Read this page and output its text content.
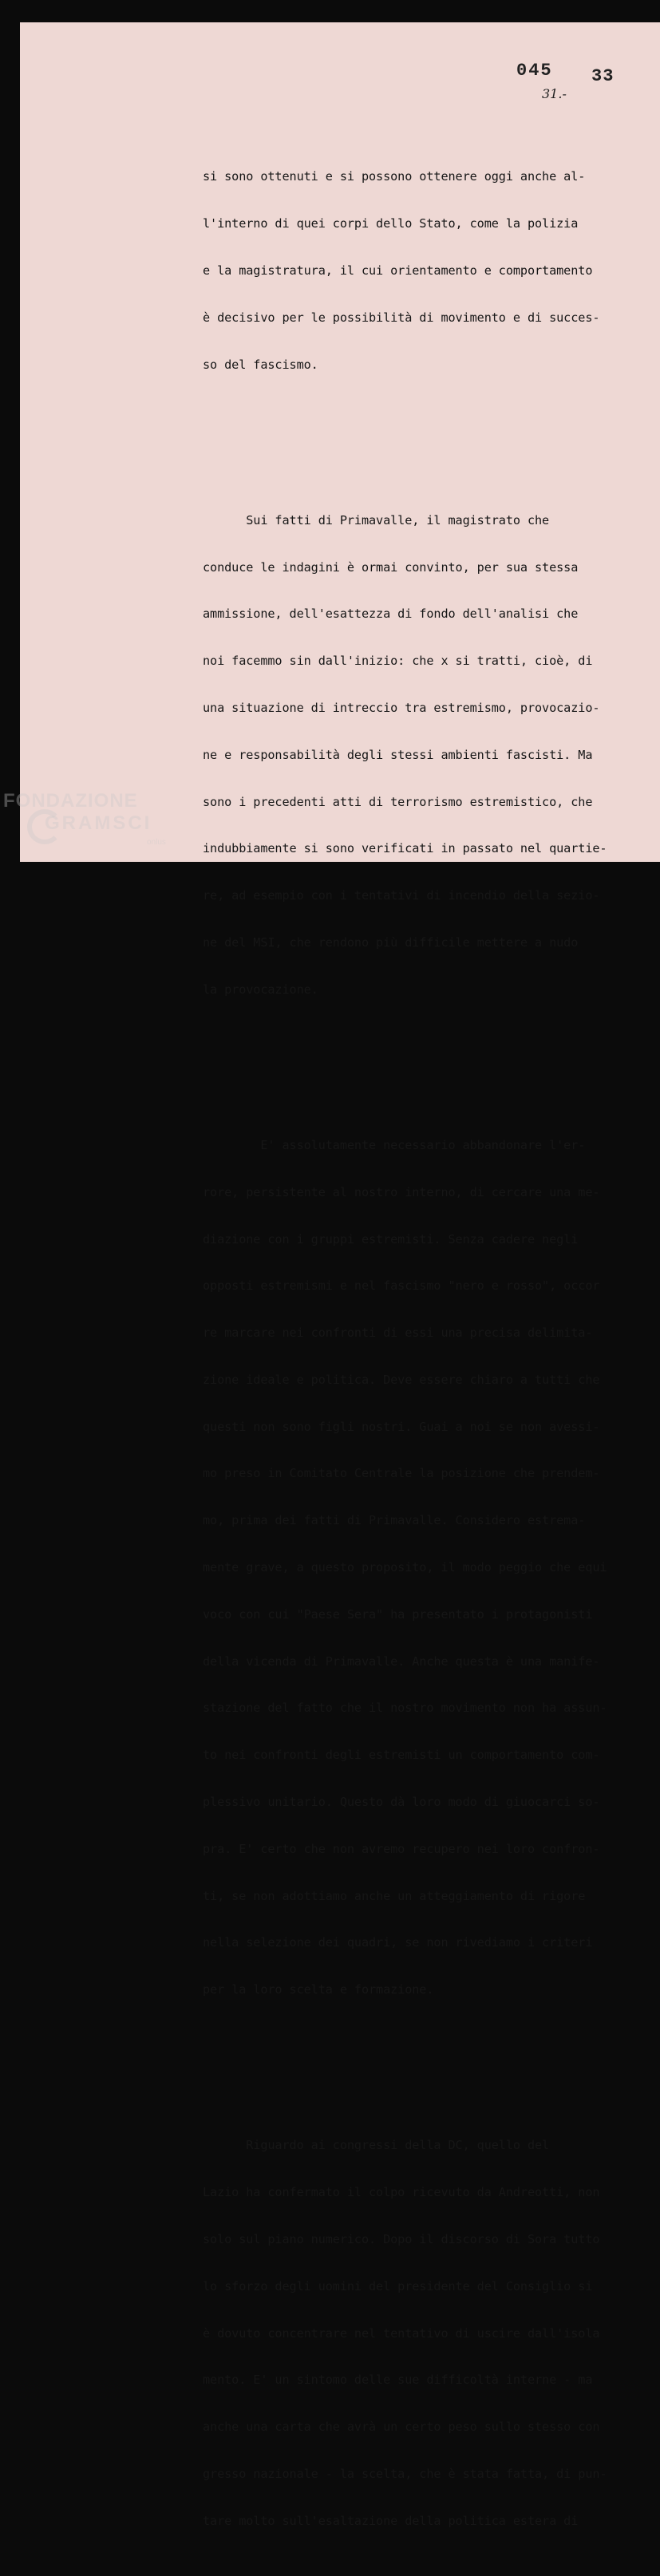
045 33
31.-

si sono ottenuti e si possono ottenere oggi anche al-

l'interno di quei corpi dello Stato, come la polizia

e la magistratura, il cui orientamento e comportamento

è decisivo per le possibilità di movimento e di succes-

so del fascismo.

Sui fatti di Primavalle, il magistrato che

conduce le indagini è ormai convinto, per sua stessa

ammissione, dell'esattezza di fondo dell'analisi che

noi facemmo sin dall'inizio: che x si tratti, cioè, di

una situazione di intreccio tra estremismo, provocazio-

ne e responsabilità degli stessi ambienti fascisti. Ma

sono i precedenti atti di terrorismo estremistico, che

indubbiamente si sono verificati in passato nel quartie-

re, ad esempio con i tentativi di incendio della sezio-

ne del MSI, che rendono più difficile mettere a nudo

la provocazione.

E' assolutamente necessario abbandonare l'er-

rore, persistente al nostro interno, di cercare una me-

diazione con i gruppi estremisti. Senza cadere negli

opposti estremismi e nel fascismo "nero e rosso", occor

re marcare nei confronti di essi una precisa delimita-

zione ideale e politica. Deve essere chiaro a tutti che

questi non sono figli nostri. Guai a noi se non avessi-

mo preso in Comitato Centrale la posizione che prendem-

mo, prima dei fatti di Primavalle. Considero estrema-

mente grave, a questo proposito, il modo peggio che equi

voco con cui "Paese Sera" ha presentato i protagonisti

della vicenda di Primavalle. Anche questa è una manife-

stazione del fatto che il nostro movimento non ha assun-

to nei confronti degli estremisti un comportamento com-

plessivo unitario. Questo dà loro modo di giuocarci so-

pra. E' certo che non avremo recupero nei loro confron-

ti, se non adottiamo anche un atteggiamento di rigore

nella selezione dei quadri, se non rivediamo i criteri

per la loro scelta e formazione.

Riguardo ai congressi della DC, quello del

Lazio ha confermato il colpo ricevuto da Andreotti, non

solo sul piano numerico. Dopo il discorso di Sora tutto

lo sforzo degli uomini del presidente del Consiglio si

è dovuto concentrare nel tentativo di uscire dall'isola

mento. E' un sintomo delle sue difficoltà interne - ma

anche una carta che avrà un certo peso sullo stesso con

gresso nazionale - la scelta, che è stata fatta, di pun-

tare molto sull'esaltazione della politica estera di

FONDAZIONE
GRAMSCI
onlus
